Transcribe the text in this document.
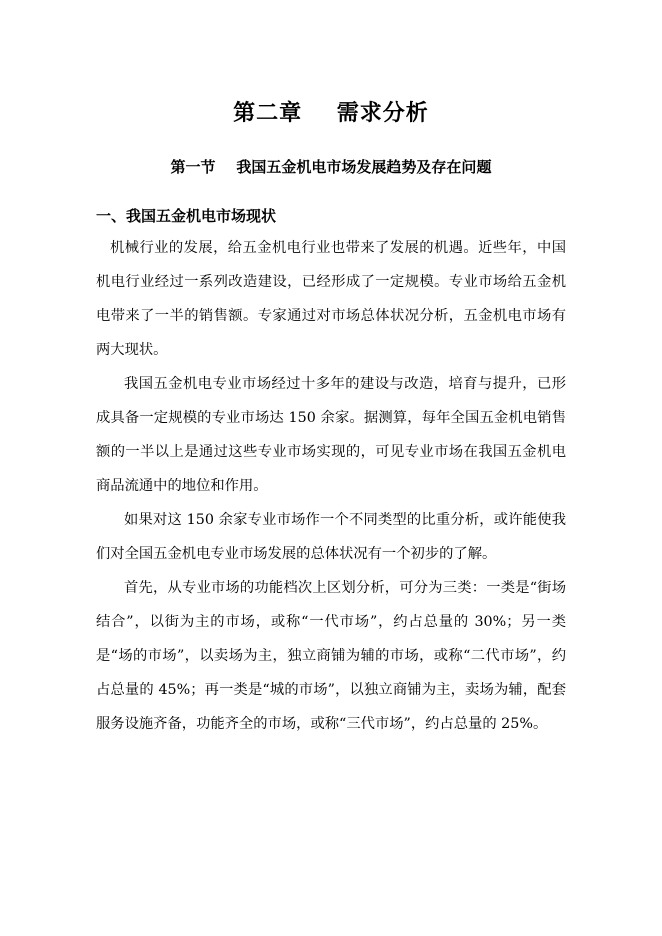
第二章    需求分析
第一节    我国五金机电市场发展趋势及存在问题
一、我国五金机电市场现状

机械行业的发展，给五金机电行业也带来了发展的机遇。近些年，中国机电行业经过一系列改造建设，已经形成了一定规模。专业市场给五金机电带来了一半的销售额。专家通过对市场总体状况分析，五金机电市场有两大现状。

我国五金机电专业市场经过十多年的建设与改造，培育与提升，已形成具备一定规模的专业市场达 150 余家。据测算，每年全国五金机电销售额的一半以上是通过这些专业市场实现的，可见专业市场在我国五金机电商品流通中的地位和作用。

如果对这 150 余家专业市场作一个不同类型的比重分析，或许能使我们对全国五金机电专业市场发展的总体状况有一个初步的了解。

首先，从专业市场的功能档次上区划分析，可分为三类：一类是“街场结合”，以街为主的市场，或称“一代市场”，约占总量的 30%；另一类是“场的市场”，以卖场为主，独立商铺为辅的市场，或称“二代市场”，约占总量的 45%；再一类是“城的市场”，以独立商铺为主，卖场为辅，配套服务设施齐备，功能齐全的市场，或称“三代市场”，约占总量的 25%。
